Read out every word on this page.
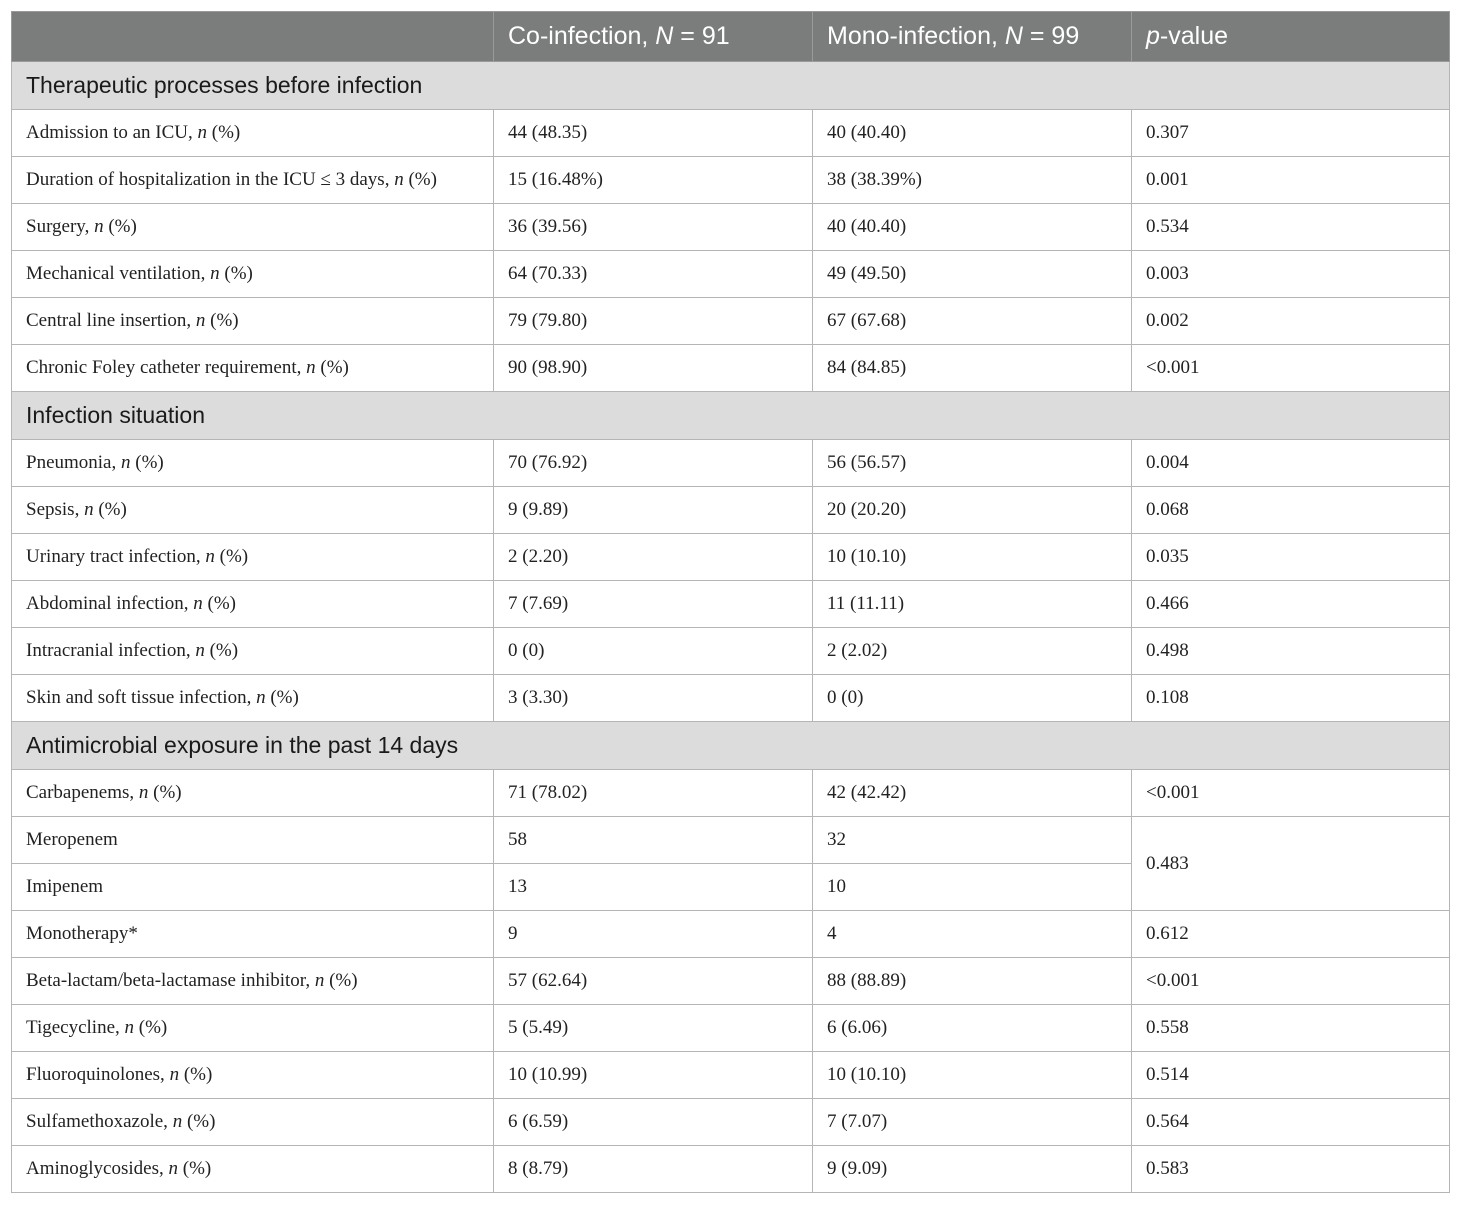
	Co-infection, N = 91	Mono-infection, N = 99	p-value
Therapeutic processes before infection			
Admission to an ICU, n (%)	44 (48.35)	40 (40.40)	0.307
Duration of hospitalization in the ICU ≤ 3 days, n (%)	15 (16.48%)	38 (38.39%)	0.001
Surgery, n (%)	36 (39.56)	40 (40.40)	0.534
Mechanical ventilation, n (%)	64 (70.33)	49 (49.50)	0.003
Central line insertion, n (%)	79 (79.80)	67 (67.68)	0.002
Chronic Foley catheter requirement, n (%)	90 (98.90)	84 (84.85)	<0.001
Infection situation			
Pneumonia, n (%)	70 (76.92)	56 (56.57)	0.004
Sepsis, n (%)	9 (9.89)	20 (20.20)	0.068
Urinary tract infection, n (%)	2 (2.20)	10 (10.10)	0.035
Abdominal infection, n (%)	7 (7.69)	11 (11.11)	0.466
Intracranial infection, n (%)	0 (0)	2 (2.02)	0.498
Skin and soft tissue infection, n (%)	3 (3.30)	0 (0)	0.108
Antimicrobial exposure in the past 14 days			
Carbapenems, n (%)	71 (78.02)	42 (42.42)	<0.001
Meropenem	58	32	0.483
Imipenem	13	10	
Monotherapy*	9	4	0.612
Beta-lactam/beta-lactamase inhibitor, n (%)	57 (62.64)	88 (88.89)	<0.001
Tigecycline, n (%)	5 (5.49)	6 (6.06)	0.558
Fluoroquinolones, n (%)	10 (10.99)	10 (10.10)	0.514
Sulfamethoxazole, n (%)	6 (6.59)	7 (7.07)	0.564
Aminoglycosides, n (%)	8 (8.79)	9 (9.09)	0.583
